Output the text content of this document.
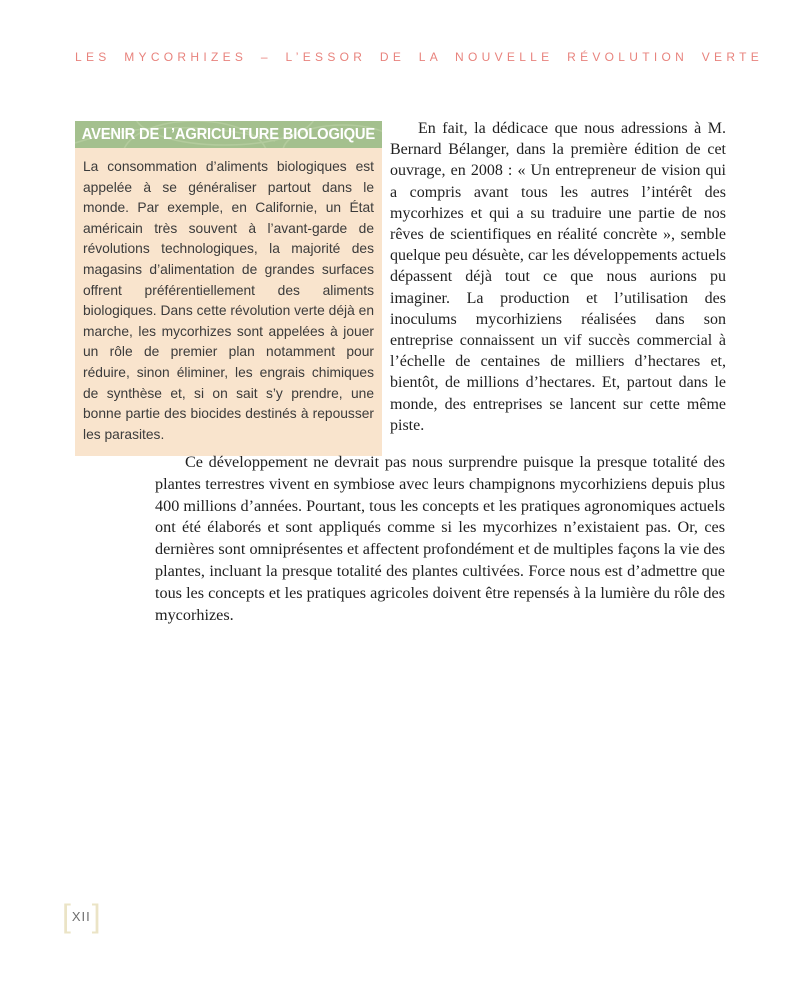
LES MYCORHIZES – L’ESSOR DE LA NOUVELLE RÉVOLUTION VERTE
AVENIR DE L’AGRICULTURE BIOLOGIQUE
La consommation d’aliments biologiques est appelée à se généraliser partout dans le monde. Par exemple, en Californie, un État américain très souvent à l’avant-garde de révolutions technologiques, la majorité des magasins d’alimentation de grandes surfaces offrent préférentiellement des aliments biologiques. Dans cette révolution verte déjà en marche, les mycorhizes sont appelées à jouer un rôle de premier plan notamment pour réduire, sinon éliminer, les engrais chimiques de synthèse et, si on sait s’y prendre, une bonne partie des biocides destinés à repousser les parasites.

En fait, la dédicace que nous adressions à M. Bernard Bélanger, dans la première édition de cet ouvrage, en 2008 : « Un entrepreneur de vision qui a compris avant tous les autres l’intérêt des mycorhizes et qui a su traduire une partie de nos rêves de scientifiques en réalité concrète », semble quelque peu désuète, car les développements actuels dépassent déjà tout ce que nous aurions pu imaginer. La production et l’utilisation des inoculums mycorhiziens réalisées dans son entreprise connaissent un vif succès commercial à l’échelle de centaines de milliers d’hectares et, bientôt, de millions d’hectares. Et, partout dans le monde, des entreprises se lancent sur cette même piste.

Ce développement ne devrait pas nous surprendre puisque la presque totalité des plantes terrestres vivent en symbiose avec leurs champignons mycorhiziens depuis plus 400 millions d’années. Pourtant, tous les concepts et les pratiques agronomiques actuels ont été élaborés et sont appliqués comme si les mycorhizes n’existaient pas. Or, ces dernières sont omniprésentes et affectent profondément et de multiples façons la vie des plantes, incluant la presque totalité des plantes cultivées. Force nous est d’admettre que tous les concepts et les pratiques agricoles doivent être repensés à la lumière du rôle des mycorhizes.
[ XII ]
